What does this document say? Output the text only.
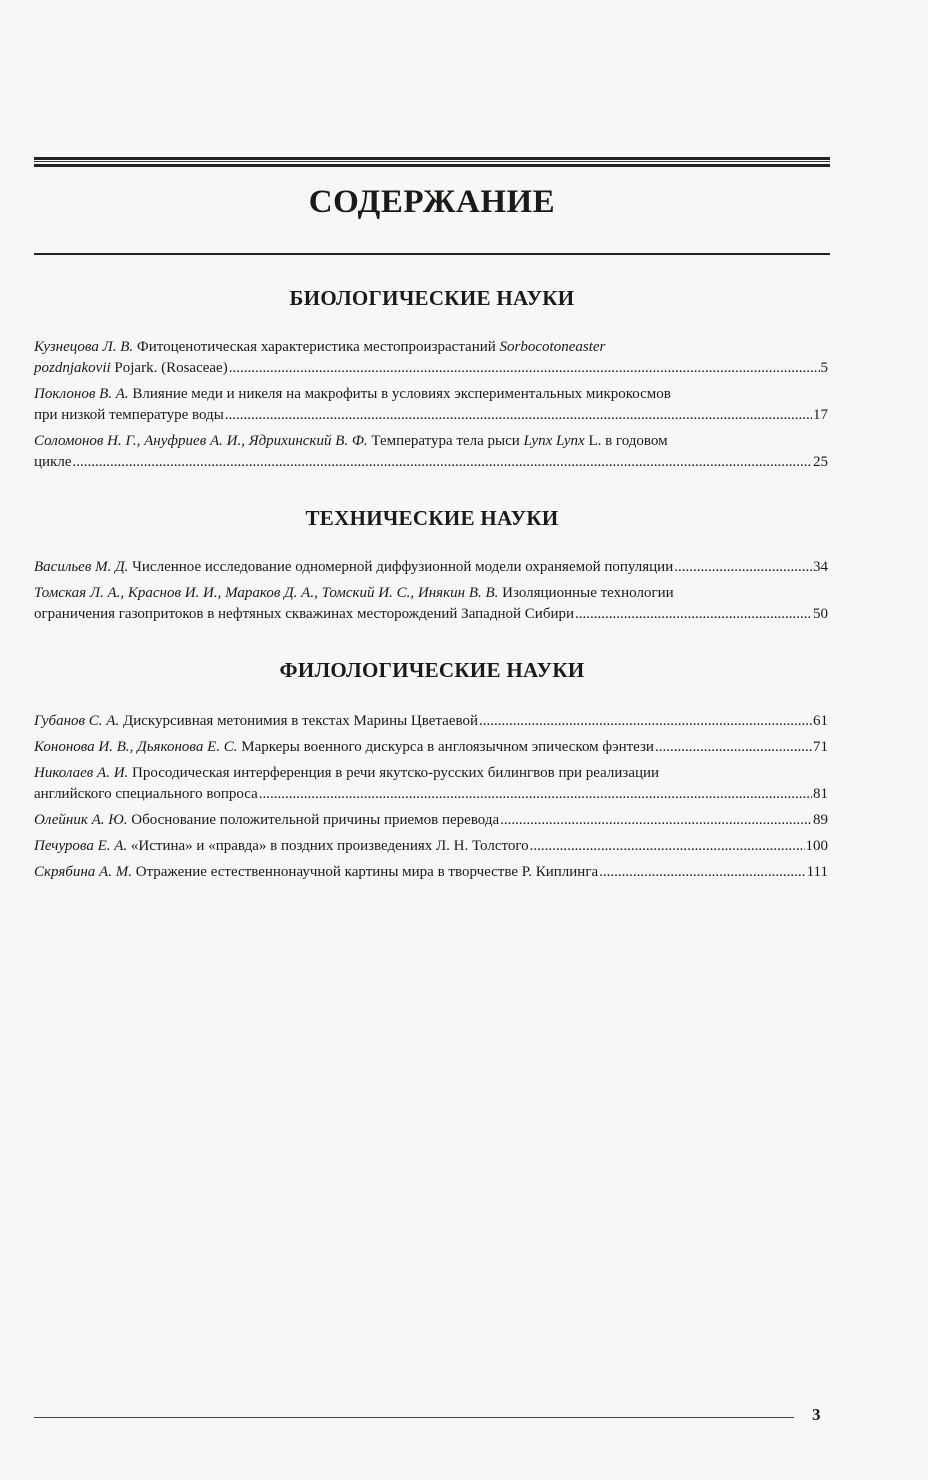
СОДЕРЖАНИЕ
БИОЛОГИЧЕСКИЕ НАУКИ
Кузнецова Л. В. Фитоценотическая характеристика местопроизрастаний Sorbocotoneaster
pozdnjakovii Pojark. (Rosaceae) .....	5
Поклонов В. А. Влияние меди и никеля на макрофиты в условиях экспериментальных микрокосмов
при низкой температуре воды .....	17
Соломонов Н. Г., Ануфриев А. И., Ядрихинский В. Ф. Температура тела рыси Lynx Lynx L. в годовом
цикле .....	25
ТЕХНИЧЕСКИЕ НАУКИ
Васильев М. Д. Численное исследование одномерной диффузионной модели охраняемой популяции .....	34
Томская Л. А., Краснов И. И., Мараков Д. А., Томский И. С., Инякин В. В. Изоляционные технологии
ограничения газопритоков в нефтяных скважинах месторождений Западной Сибири .....	50
ФИЛОЛОГИЧЕСКИЕ НАУКИ
Губанов С. А. Дискурсивная метонимия в текстах Марины Цветаевой .....	61
Кононова И. В., Дьяконова Е. С. Маркеры военного дискурса в англоязычном эпическом фэнтези .....	71
Николаев А. И. Просодическая интерференция в речи якутско-русских билингвов при реализации
английского специального вопроса .....	81
Олейник А. Ю. Обоснование положительной причины приемов перевода .....	89
Печурова Е. А. «Истина» и «правда» в поздних произведениях Л. Н. Толстого .....	100
Скрябина А. М. Отражение естественнонаучной картины мира в творчестве Р. Киплинга .....	111
3
